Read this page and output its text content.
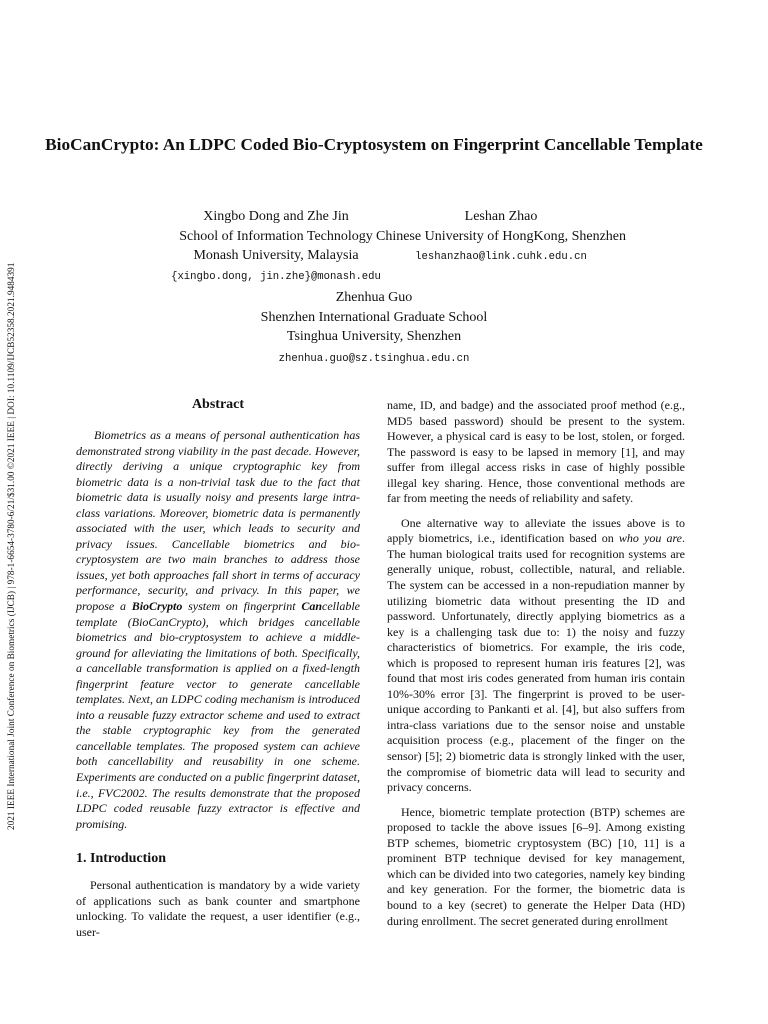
2021 IEEE International Joint Conference on Biometrics (IJCB) | 978-1-6654-3780-6/21/$31.00 ©2021 IEEE | DOI: 10.1109/IJCB52358.2021.9484391
BioCanCrypto: An LDPC Coded Bio-Cryptosystem on Fingerprint Cancellable Template
Xingbo Dong and Zhe Jin
School of Information Technology
Monash University, Malaysia
{xingbo.dong, jin.zhe}@monash.edu
Leshan Zhao
Chinese University of HongKong, Shenzhen
leshanzhao@link.cuhk.edu.cn
Zhenhua Guo
Shenzhen International Graduate School
Tsinghua University, Shenzhen
zhenhua.guo@sz.tsinghua.edu.cn
Abstract

Biometrics as a means of personal authentication has demonstrated strong viability in the past decade. However, directly deriving a unique cryptographic key from biometric data is a non-trivial task due to the fact that biometric data is usually noisy and presents large intra-class variations. Moreover, biometric data is permanently associated with the user, which leads to security and privacy issues. Cancellable biometrics and bio-cryptosystem are two main branches to address those issues, yet both approaches fall short in terms of accuracy performance, security, and privacy. In this paper, we propose a BioCrypto system on fingerprint Cancellable template (BioCanCrypto), which bridges cancellable biometrics and bio-cryptosystem to achieve a middle-ground for alleviating the limitations of both. Specifically, a cancellable transformation is applied on a fixed-length fingerprint feature vector to generate cancellable templates. Next, an LDPC coding mechanism is introduced into a reusable fuzzy extractor scheme and used to extract the stable cryptographic key from the generated cancellable templates. The proposed system can achieve both cancellability and reusability in one scheme. Experiments are conducted on a public fingerprint dataset, i.e., FVC2002. The results demonstrate that the proposed LDPC coded reusable fuzzy extractor is effective and promising.

1. Introduction

Personal authentication is mandatory by a wide variety of applications such as bank counter and smartphone unlocking. To validate the request, a user identifier (e.g., user-

name, ID, and badge) and the associated proof method (e.g., MD5 based password) should be present to the system. However, a physical card is easy to be lost, stolen, or forged. The password is easy to be lapsed in memory [1], and may suffer from illegal access risks in case of highly possible illegal key sharing. Hence, those conventional methods are far from meeting the needs of reliability and safety.

One alternative way to alleviate the issues above is to apply biometrics, i.e., identification based on who you are. The human biological traits used for recognition systems are generally unique, robust, collectible, natural, and reliable. The system can be accessed in a non-repudiation manner by utilizing biometric data without presenting the ID and password. Unfortunately, directly applying biometrics as a key is a challenging task due to: 1) the noisy and fuzzy characteristics of biometrics. For example, the iris code, which is proposed to represent human iris features [2], was found that most iris codes generated from human iris contain 10%-30% error [3]. The fingerprint is proved to be user-unique according to Pankanti et al. [4], but also suffers from intra-class variations due to the sensor noise and unstable acquisition process (e.g., placement of the finger on the sensor) [5]; 2) biometric data is strongly linked with the user, the compromise of biometric data will lead to security and privacy concerns.

Hence, biometric template protection (BTP) schemes are proposed to tackle the above issues [6–9]. Among existing BTP schemes, biometric cryptosystem (BC) [10, 11] is a prominent BTP technique devised for key management, which can be divided into two categories, namely key binding and key generation. For the former, the biometric data is bound to a key (secret) to generate the Helper Data (HD) during enrollment. The secret generated during enrollment
